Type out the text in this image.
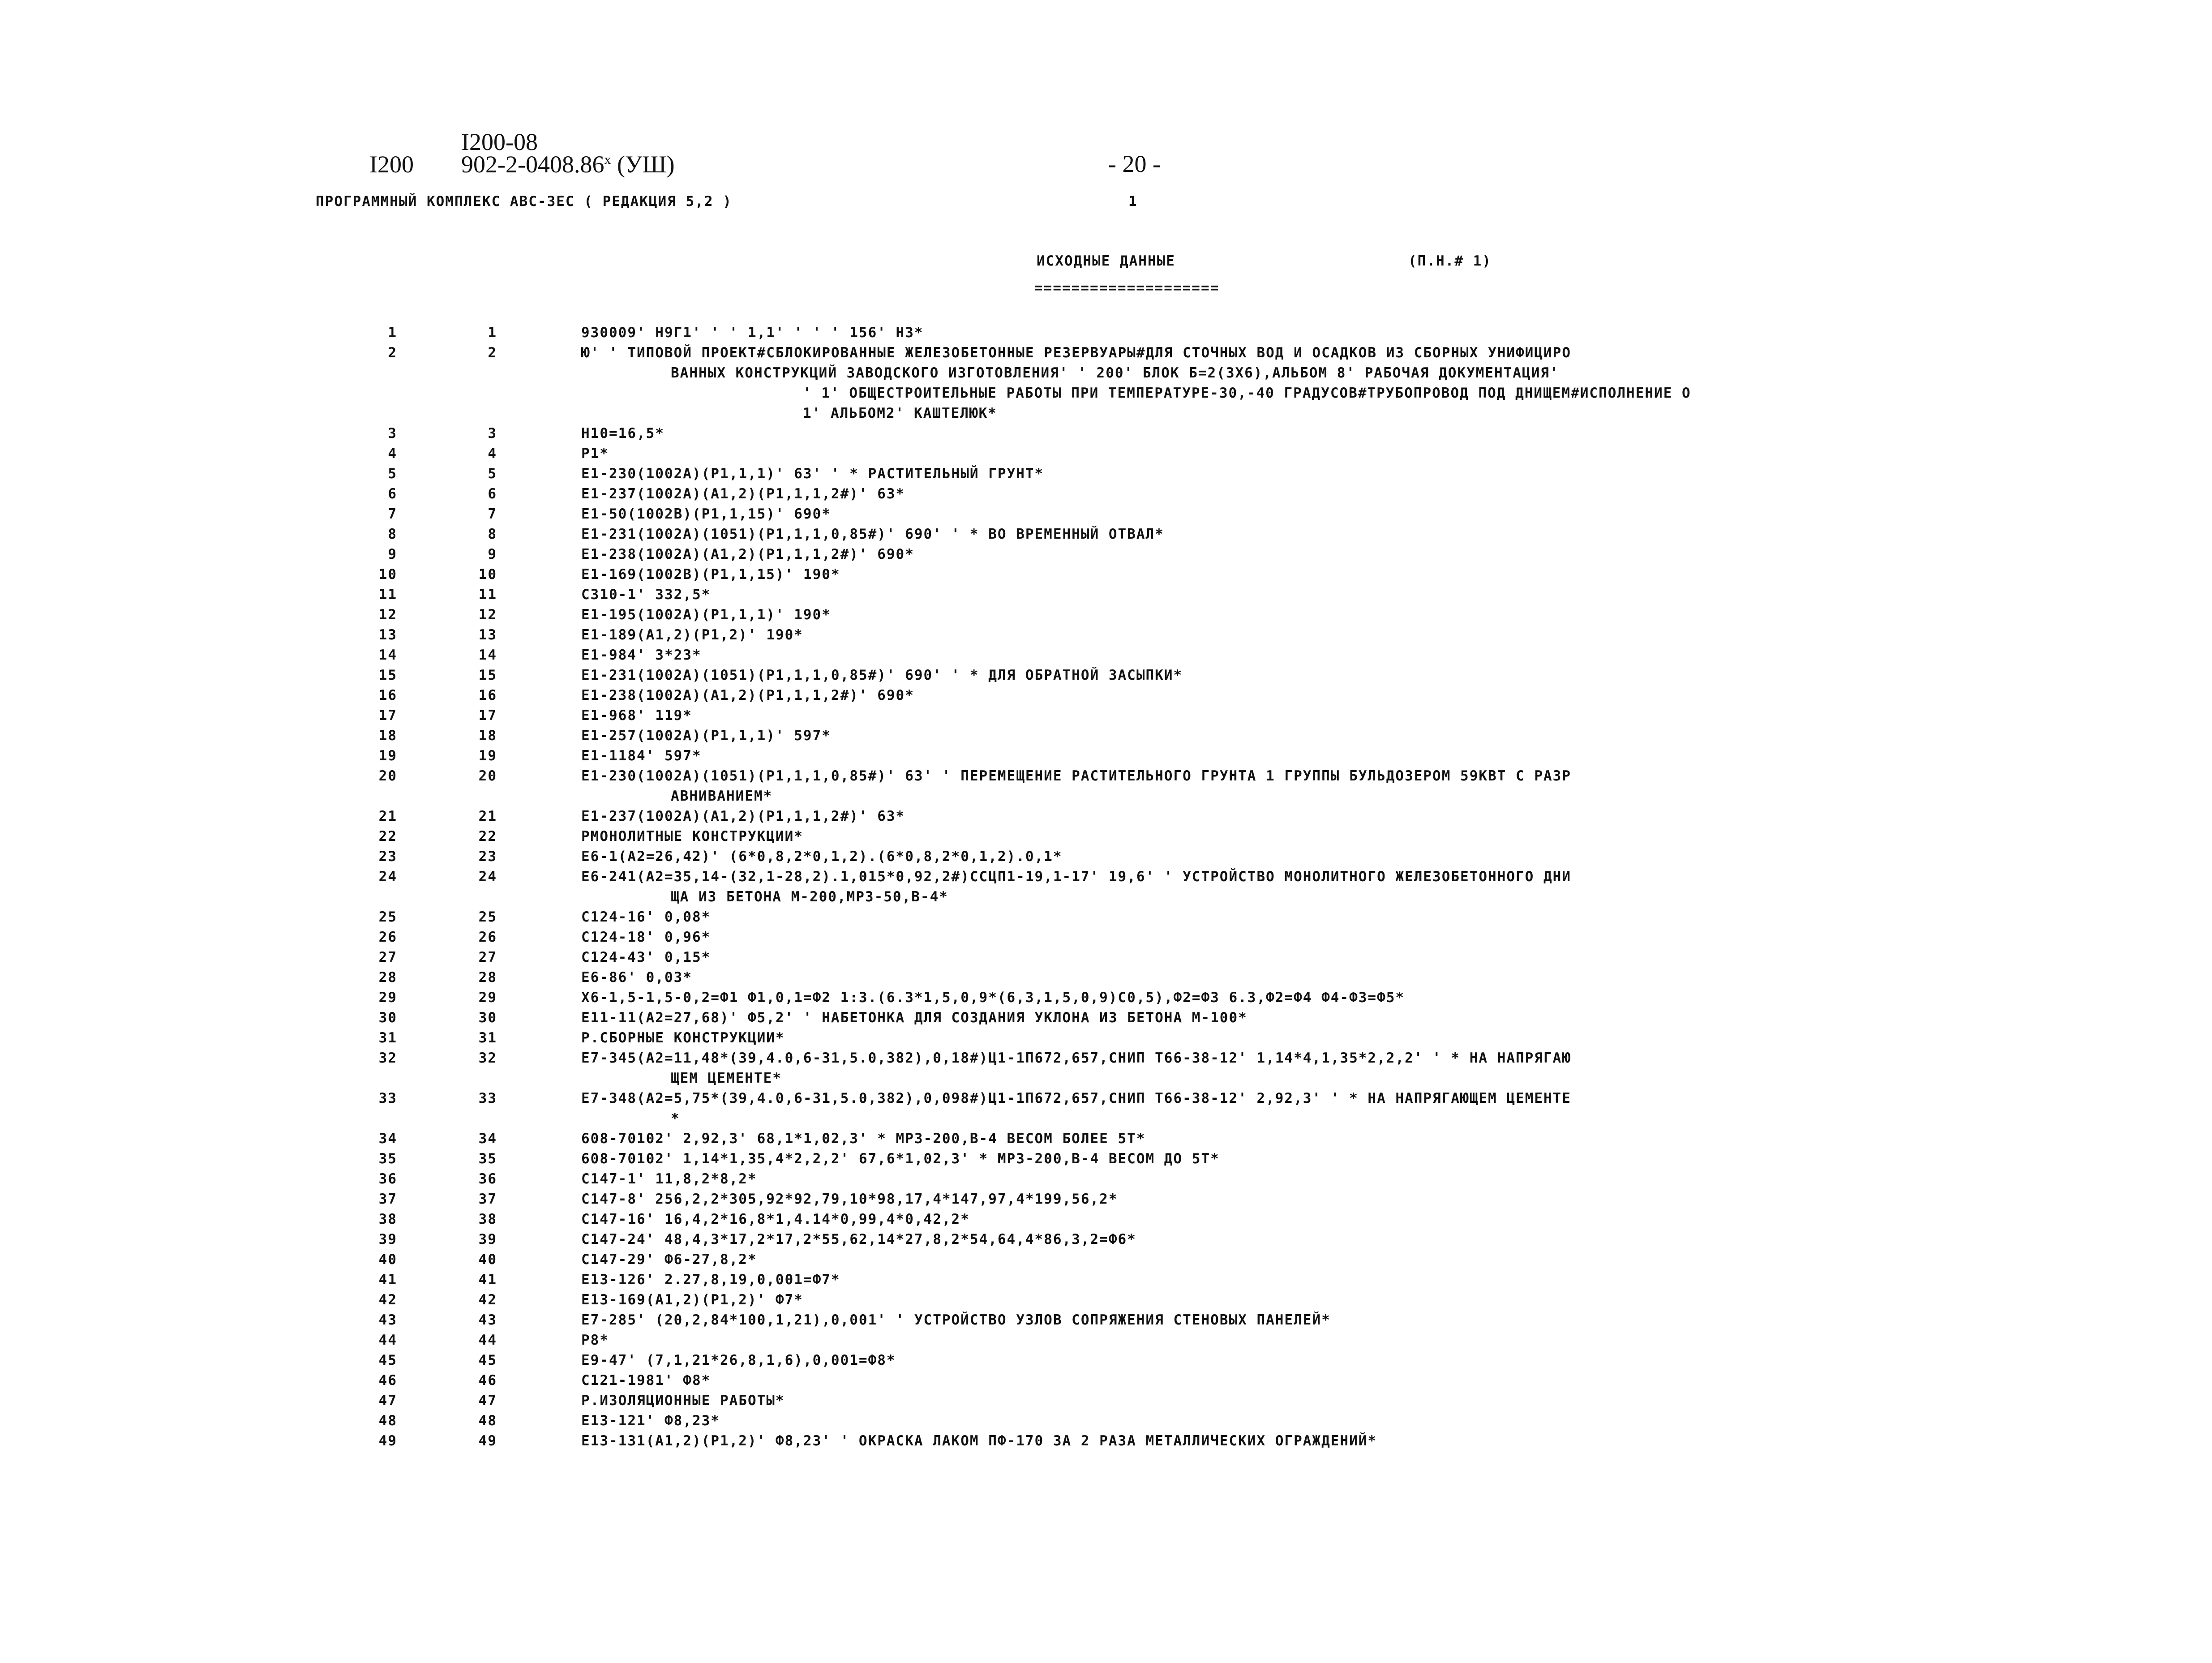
I200-08
I200 902-2-0408.86$^x$ (УШ)	- 20 -
ПРОГРАММНЫЙ КОМПЛЕКС АВС-ЗЕС ( РЕДАКЦИЯ 5,2 )	1
ИСХОДНЫЕ ДАННЫЕ	(П.Н.# 1)
====================
1	1	930009' Н9Г1' ' ' 1,1' ' ' ' 156' НЗ*
2	2	Ю' ' ТИПОВОЙ ПРОЕКТ#СБЛОКИРОВАННЫЕ ЖЕЛЕЗОБЕТОННЫЕ РЕЗЕРВУАРЫ#ДЛЯ СТОЧНЫХ ВОД И ОСАДКОВ ИЗ СБОРНЫХ УНИФИЦИРО
ВАННЫХ КОНСТРУКЦИЙ ЗАВОДСКОГО ИЗГОТОВЛЕНИЯ' ' 200' БЛОК Б=2(3Х6),АЛЬБОМ 8' РАБОЧАЯ ДОКУМЕНТАЦИЯ'
' 1' ОБЩЕСТРОИТЕЛЬНЫЕ РАБОТЫ ПРИ ТЕМПЕРАТУРЕ-30,-40 ГРАДУСОВ#ТРУБОПРОВОД ПОД ДНИЩЕМ#ИСПОЛНЕНИЕ О
1' АЛЬБОМ2' КАШТЕЛЮК*
3	3	Н10=16,5*
4	4	Р1*
5	5	Е1-230(1002А)(Р1,1,1)' 63' ' * РАСТИТЕЛЬНЫЙ ГРУНТ*
6	6	Е1-237(1002А)(А1,2)(Р1,1,1,2#)' 63*
7	7	Е1-50(1002В)(Р1,1,15)' 690*
8	8	Е1-231(1002А)(1051)(Р1,1,1,0,85#)' 690' ' * ВО ВРЕМЕННЫЙ ОТВАЛ*
9	9	Е1-238(1002А)(А1,2)(Р1,1,1,2#)' 690*
10	10	Е1-169(1002В)(Р1,1,15)' 190*
11	11	С310-1' 332,5*
12	12	Е1-195(1002А)(Р1,1,1)' 190*
13	13	Е1-189(А1,2)(Р1,2)' 190*
14	14	Е1-984' 3*23*
15	15	Е1-231(1002А)(1051)(Р1,1,1,0,85#)' 690' ' * ДЛЯ ОБРАТНОЙ ЗАСЫПКИ*
16	16	Е1-238(1002А)(А1,2)(Р1,1,1,2#)' 690*
17	17	Е1-968' 119*
18	18	Е1-257(1002А)(Р1,1,1)' 597*
19	19	Е1-1184' 597*
20	20	Е1-230(1002А)(1051)(Р1,1,1,0,85#)' 63' ' ПЕРЕМЕЩЕНИЕ РАСТИТЕЛЬНОГО ГРУНТА 1 ГРУППЫ БУЛЬДОЗЕРОМ 59КВТ С РАЗР
АВНИВАНИЕМ*
21	21	Е1-237(1002А)(А1,2)(Р1,1,1,2#)' 63*
22	22	РМОНОЛИТНЫЕ КОНСТРУКЦИИ*
23	23	Е6-1(А2=26,42)' (6*0,8,2*0,1,2).(6*0,8,2*0,1,2).0,1*
24	24	Е6-241(А2=35,14-(32,1-28,2).1,015*0,92,2#)ССЦП1-19,1-17' 19,6' ' УСТРОЙСТВО МОНОЛИТНОГО ЖЕЛЕЗОБЕТОННОГО ДНИ
ЩА ИЗ БЕТОНА М-200,МРЗ-50,В-4*
25	25	С124-16' 0,08*
26	26	С124-18' 0,96*
27	27	С124-43' 0,15*
28	28	Е6-86' 0,03*
29	29	Х6-1,5-1,5-0,2=Ф1 Ф1,0,1=Ф2 1:3.(6.3*1,5,0,9*(6,3,1,5,0,9)С0,5),Ф2=Ф3 6.3,Ф2=Ф4 Ф4-Ф3=Ф5*
30	30	Е11-11(А2=27,68)' Ф5,2' ' НАБЕТОНКА ДЛЯ СОЗДАНИЯ УКЛОНА ИЗ БЕТОНА М-100*
31	31	Р.СБОРНЫЕ КОНСТРУКЦИИ*
32	32	Е7-345(А2=11,48*(39,4.0,6-31,5.0,382),0,18#)Ц1-1П672,657,СНИП Т66-38-12' 1,14*4,1,35*2,2,2' ' * НА НАПРЯГАЮ
ЩЕМ ЦЕМЕНТЕ*
33	33	Е7-348(А2=5,75*(39,4.0,6-31,5.0,382),0,098#)Ц1-1П672,657,СНИП Т66-38-12' 2,92,3' ' * НА НАПРЯГАЮЩЕМ ЦЕМЕНТЕ
*
34	34	608-70102' 2,92,3' 68,1*1,02,3' * МРЗ-200,В-4 ВЕСОМ БОЛЕЕ 5Т*
35	35	608-70102' 1,14*1,35,4*2,2,2' 67,6*1,02,3' * МРЗ-200,В-4 ВЕСОМ ДО 5Т*
36	36	С147-1' 11,8,2*8,2*
37	37	С147-8' 256,2,2*305,92*92,79,10*98,17,4*147,97,4*199,56,2*
38	38	С147-16' 16,4,2*16,8*1,4.14*0,99,4*0,42,2*
39	39	С147-24' 48,4,3*17,2*17,2*55,62,14*27,8,2*54,64,4*86,3,2=Ф6*
40	40	С147-29' Ф6-27,8,2*
41	41	Е13-126' 2.27,8,19,0,001=Ф7*
42	42	Е13-169(А1,2)(Р1,2)' Ф7*
43	43	Е7-285' (20,2,84*100,1,21),0,001' ' УСТРОЙСТВО УЗЛОВ СОПРЯЖЕНИЯ СТЕНОВЫХ ПАНЕЛЕЙ*
44	44	Р8*
45	45	Е9-47' (7,1,21*26,8,1,6),0,001=Ф8*
46	46	С121-1981' Ф8*
47	47	Р.ИЗОЛЯЦИОННЫЕ РАБОТЫ*
48	48	Е13-121' Ф8,23*
49	49	Е13-131(А1,2)(Р1,2)' Ф8,23' ' ОКРАСКА ЛАКОМ ПФ-170 ЗА 2 РАЗА МЕТАЛЛИЧЕСКИХ ОГРАЖДЕНИЙ*
